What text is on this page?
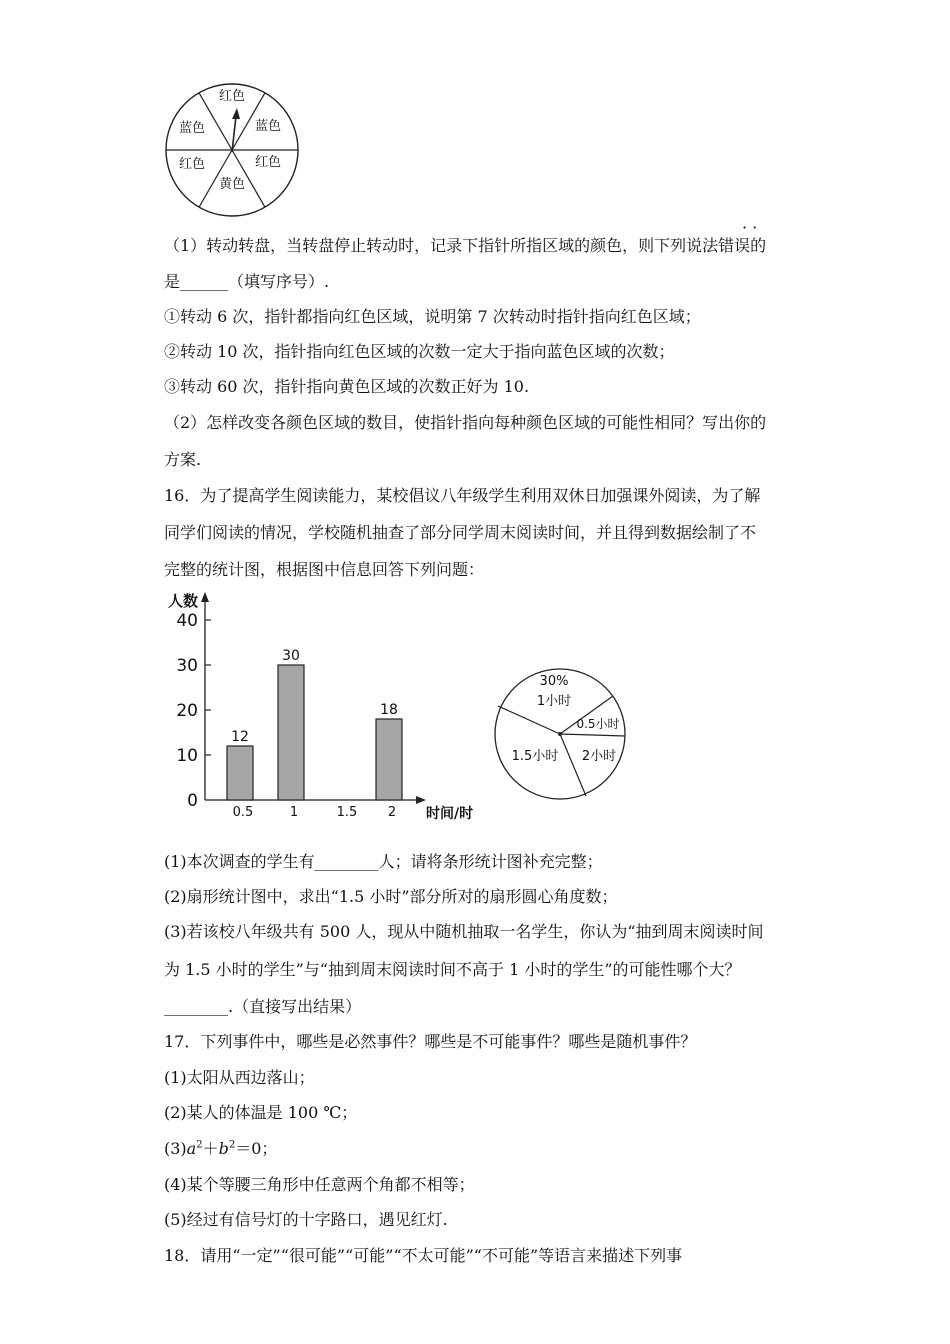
红色
蓝色
红色
黄色
红色
蓝色
· ·
（1）转动转盘，当转盘停止转动时，记录下指针所指区域的颜色，则下列说法错误的
是______（填写序号）.
①转动 6 次，指针都指向红色区域，说明第 7 次转动时指针指向红色区域；
②转动 10 次，指针指向红色区域的次数一定大于指向蓝色区域的次数；
③转动 60 次，指针指向黄色区域的次数正好为 10.
（2）怎样改变各颜色区域的数目，使指针指向每种颜色区域的可能性相同？写出你的
方案.
16．为了提高学生阅读能力，某校倡议八年级学生利用双休日加强课外阅读，为了解
同学们阅读的情况，学校随机抽查了部分同学周末阅读时间，并且得到数据绘制了不
完整的统计图，根据图中信息回答下列问题：
人数
时间/时
0
10
20
30
40
0.5
12
1
30
1.5 2
18
30%
1小时
0.5小时
2小时
1.5小时
(1)本次调查的学生有________人；请将条形统计图补充完整；
(2)扇形统计图中，求出“1.5 小时”部分所对的扇形圆心角度数；
(3)若该校八年级共有 500 人，现从中随机抽取一名学生，你认为“抽到周末阅读时间
为 1.5 小时的学生”与“抽到周末阅读时间不高于 1 小时的学生”的可能性哪个大？
________.（直接写出结果）
17．下列事件中，哪些是必然事件？哪些是不可能事件？哪些是随机事件？
(1)太阳从西边落山；
(2)某人的体温是 100 ℃；
$(3)a^2+b^2=0$；
(4)某个等腰三角形中任意两个角都不相等；
(5)经过有信号灯的十字路口，遇见红灯.
18．请用“一定”“很可能”“可能”“不太可能”“不可能”等语言来描述下列事
